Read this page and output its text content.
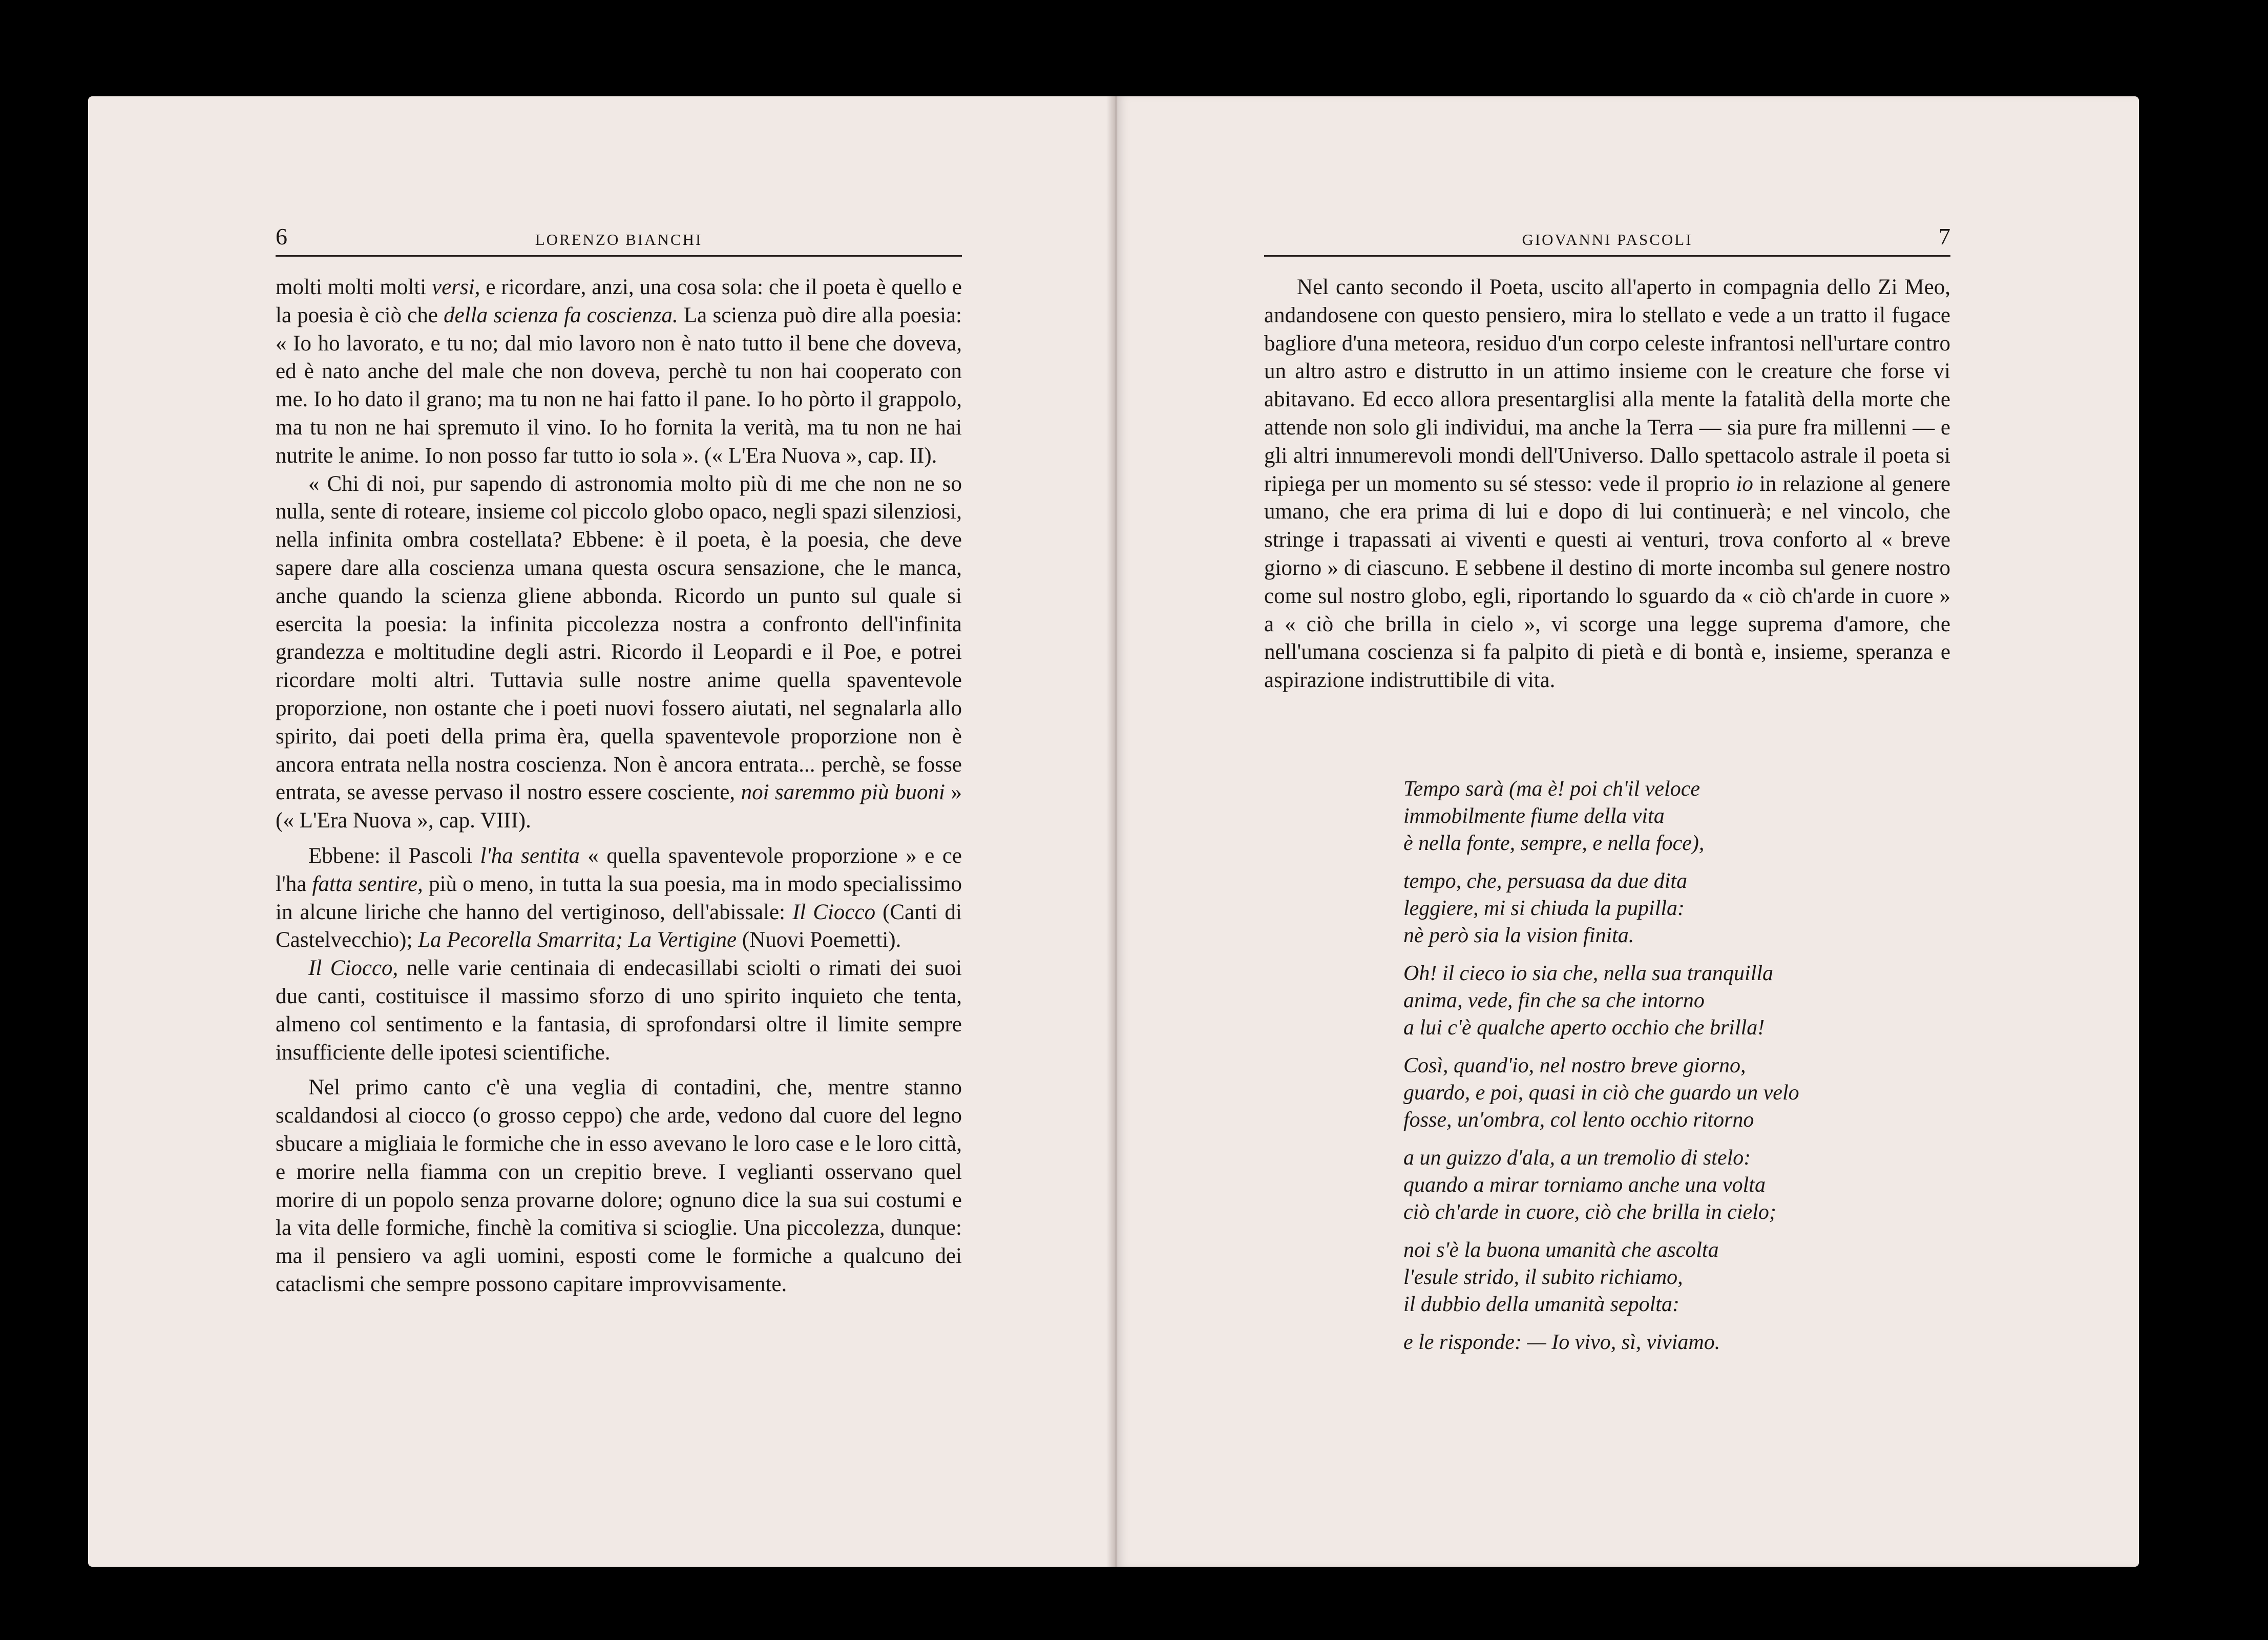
6	LORENZO BIANCHI	GIOVANNI PASCOLI	7

molti molti molti versi, e ricordare, anzi, una cosa sola: che il poeta è quello e la poesia è ciò che della scienza fa coscienza. La scienza può dire alla poesia: « Io ho lavorato, e tu no; dal mio lavoro non è nato tutto il bene che doveva, ed è nato anche del male che non doveva, perchè tu non hai cooperato con me. Io ho dato il grano; ma tu non ne hai fatto il pane. Io ho pòrto il grappolo, ma tu non ne hai spremuto il vino. Io ho fornita la verità, ma tu non ne hai nutrite le anime. Io non posso far tutto io sola ». (« L'Era Nuova », cap. II).

« Chi di noi, pur sapendo di astronomia molto più di me che non ne so nulla, sente di roteare, insieme col piccolo globo opaco, negli spazi silenziosi, nella infinita ombra costellata? Ebbene: è il poeta, è la poesia, che deve sapere dare alla coscienza umana questa oscura sensazione, che le manca, anche quando la scienza gliene abbonda. Ricordo un punto sul quale si esercita la poesia: la infinita piccolezza nostra a confronto dell'infinita grandezza e moltitudine degli astri. Ricordo il Leopardi e il Poe, e potrei ricordare molti altri. Tuttavia sulle nostre anime quella spaventevole proporzione, non ostante che i poeti nuovi fossero aiutati, nel segnalarla allo spirito, dai poeti della prima èra, quella spaventevole proporzione non è ancora entrata nella nostra coscienza. Non è ancora entrata... perchè, se fosse entrata, se avesse pervaso il nostro essere cosciente, noi saremmo più buoni » (« L'Era Nuova », cap. VIII).

Ebbene: il Pascoli l'ha sentita « quella spaventevole proporzione » e ce l'ha fatta sentire, più o meno, in tutta la sua poesia, ma in modo specialissimo in alcune liriche che hanno del vertiginoso, dell'abissale: Il Ciocco (Canti di Castelvecchio); La Pecorella Smarrita; La Vertigine (Nuovi Poemetti).

Il Ciocco, nelle varie centinaia di endecasillabi sciolti o rimati dei suoi due canti, costituisce il massimo sforzo di uno spirito inquieto che tenta, almeno col sentimento e la fantasia, di sprofondarsi oltre il limite sempre insufficiente delle ipotesi scientifiche.

Nel primo canto c'è una veglia di contadini, che, mentre stanno scaldandosi al ciocco (o grosso ceppo) che arde, vedono dal cuore del legno sbucare a migliaia le formiche che in esso avevano le loro case e le loro città, e morire nella fiamma con un crepitio breve. I veglianti osservano quel morire di un popolo senza provarne dolore; ognuno dice la sua sui costumi e la vita delle formiche, finchè la comitiva si scioglie. Una piccolezza, dunque: ma il pensiero va agli uomini, esposti come le formiche a qualcuno dei cataclismi che sempre possono capitare improvvisamente.

Nel canto secondo il Poeta, uscito all'aperto in compagnia dello Zi Meo, andandosene con questo pensiero, mira lo stellato e vede a un tratto il fugace bagliore d'una meteora, residuo d'un corpo celeste infrantosi nell'urtare contro un altro astro e distrutto in un attimo insieme con le creature che forse vi abitavano. Ed ecco allora presentarglisi alla mente la fatalità della morte che attende non solo gli individui, ma anche la Terra — sia pure fra millenni — e gli altri innumerevoli mondi dell'Universo. Dallo spettacolo astrale il poeta si ripiega per un momento su sé stesso: vede il proprio io in relazione al genere umano, che era prima di lui e dopo di lui continuerà; e nel vincolo, che stringe i trapassati ai viventi e questi ai venturi, trova conforto al « breve giorno » di ciascuno. E sebbene il destino di morte incomba sul genere nostro come sul nostro globo, egli, riportando lo sguardo da « ciò ch'arde in cuore » a « ciò che brilla in cielo », vi scorge una legge suprema d'amore, che nell'umana coscienza si fa palpito di pietà e di bontà e, insieme, speranza e aspirazione indistruttibile di vita.

Tempo sarà (ma è! poi ch'il veloce
immobilmente fiume della vita
è nella fonte, sempre, e nella foce),
tempo, che, persuasa da due dita
leggiere, mi si chiuda la pupilla:
nè però sia la vision finita.
Oh! il cieco io sia che, nella sua tranquilla
anima, vede, fin che sa che intorno
a lui c'è qualche aperto occhio che brilla!
Così, quand'io, nel nostro breve giorno,
guardo, e poi, quasi in ciò che guardo un velo
fosse, un'ombra, col lento occhio ritorno
a un guizzo d'ala, a un tremolio di stelo:
quando a mirar torniamo anche una volta
ciò ch'arde in cuore, ciò che brilla in cielo;
noi s'è la buona umanità che ascolta
l'esule strido, il subito richiamo,
il dubbio della umanità sepolta:
e le risponde: — Io vivo, sì, viviamo.
